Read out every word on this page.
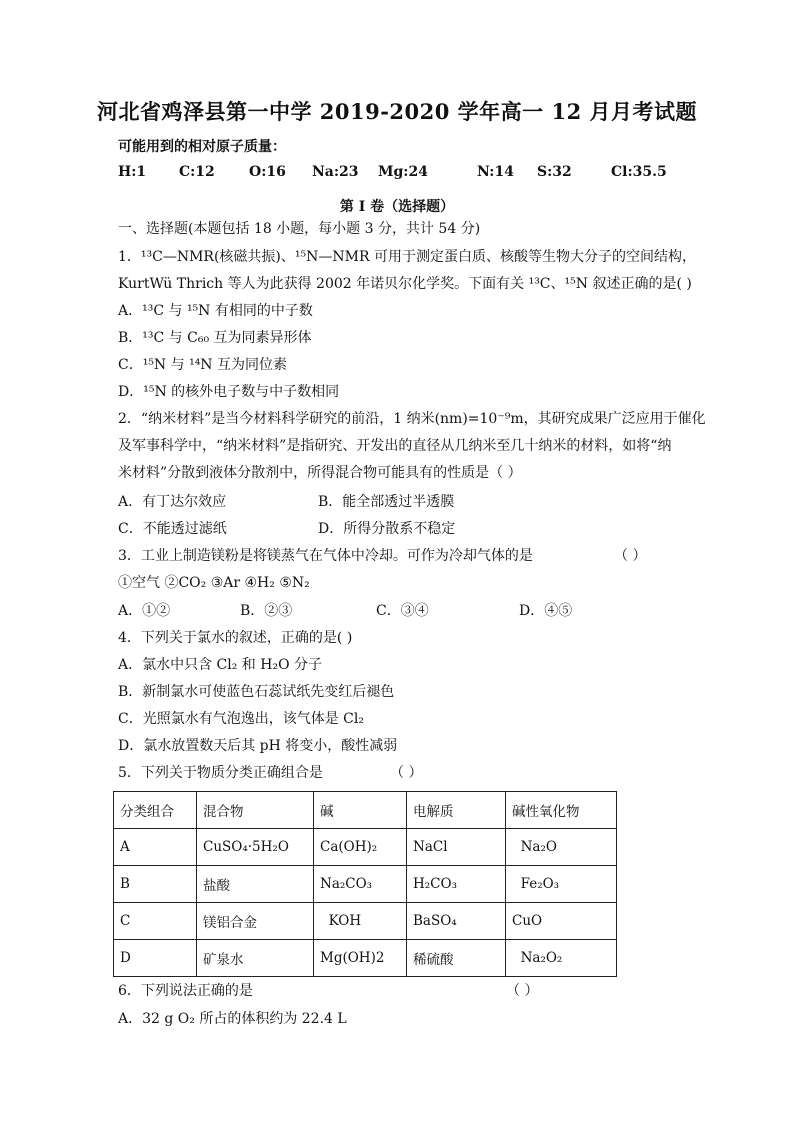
河北省鸡泽县第一中学 2019-2020 学年高一 12 月月考试题
可能用到的相对原子质量：
H:1 C:12 O:16 Na:23 Mg:24	N:14 S:32	Cl:35.5
第 I 卷（选择题）
一、选择题(本题包括 18 小题，每小题 3 分，共计 54 分)
1．¹³C—NMR(核磁共振)、¹⁵N—NMR 可用于测定蛋白质、核酸等生物大分子的空间结构，
KurtWü Thrich 等人为此获得 2002 年诺贝尔化学奖。下面有关 ¹³C、¹⁵N 叙述正确的是( )
A．¹³C 与 ¹⁵N 有相同的中子数
B．¹³C 与 C₆₀ 互为同素异形体
C．¹⁵N 与 ¹⁴N 互为同位素
D．¹⁵N 的核外电子数与中子数相同
2．“纳米材料”是当今材料科学研究的前沿，1 纳米(nm)=10⁻⁹m，其研究成果广泛应用于催化
及军事科学中，“纳米材料”是指研究、开发出的直径从几纳米至几十纳米的材料，如将“纳
米材料”分散到液体分散剂中，所得混合物可能具有的性质是（ ）
A．有丁达尔效应	B．能全部透过半透膜
C．不能透过滤纸	D．所得分散系不稳定
3．工业上制造镁粉是将镁蒸气在气体中冷却。可作为冷却气体的是	（ ）
①空气 ②CO₂ ③Ar ④H₂ ⑤N₂
A．①②	B．②③	C．③④	D．④⑤
4．下列关于氯水的叙述，正确的是( )
A．氯水中只含 Cl₂ 和 H₂O 分子
B．新制氯水可使蓝色石蕊试纸先变红后褪色
C．光照氯水有气泡逸出，该气体是 Cl₂
D．氯水放置数天后其 pH 将变小，酸性减弱
5．下列关于物质分类正确组合是	（ ）
分类组合	混合物	碱	电解质	碱性氧化物
A	CuSO₄·5H₂O	Ca(OH)₂	NaCl	Na₂O
B	盐酸	Na₂CO₃	H₂CO₃	Fe₂O₃
C	镁铝合金	KOH	BaSO₄	CuO
D	矿泉水	Mg(OH)2	稀硫酸	Na₂O₂
6．下列说法正确的是	（ ）
A．32 g O₂ 所占的体积约为 22.4 L
